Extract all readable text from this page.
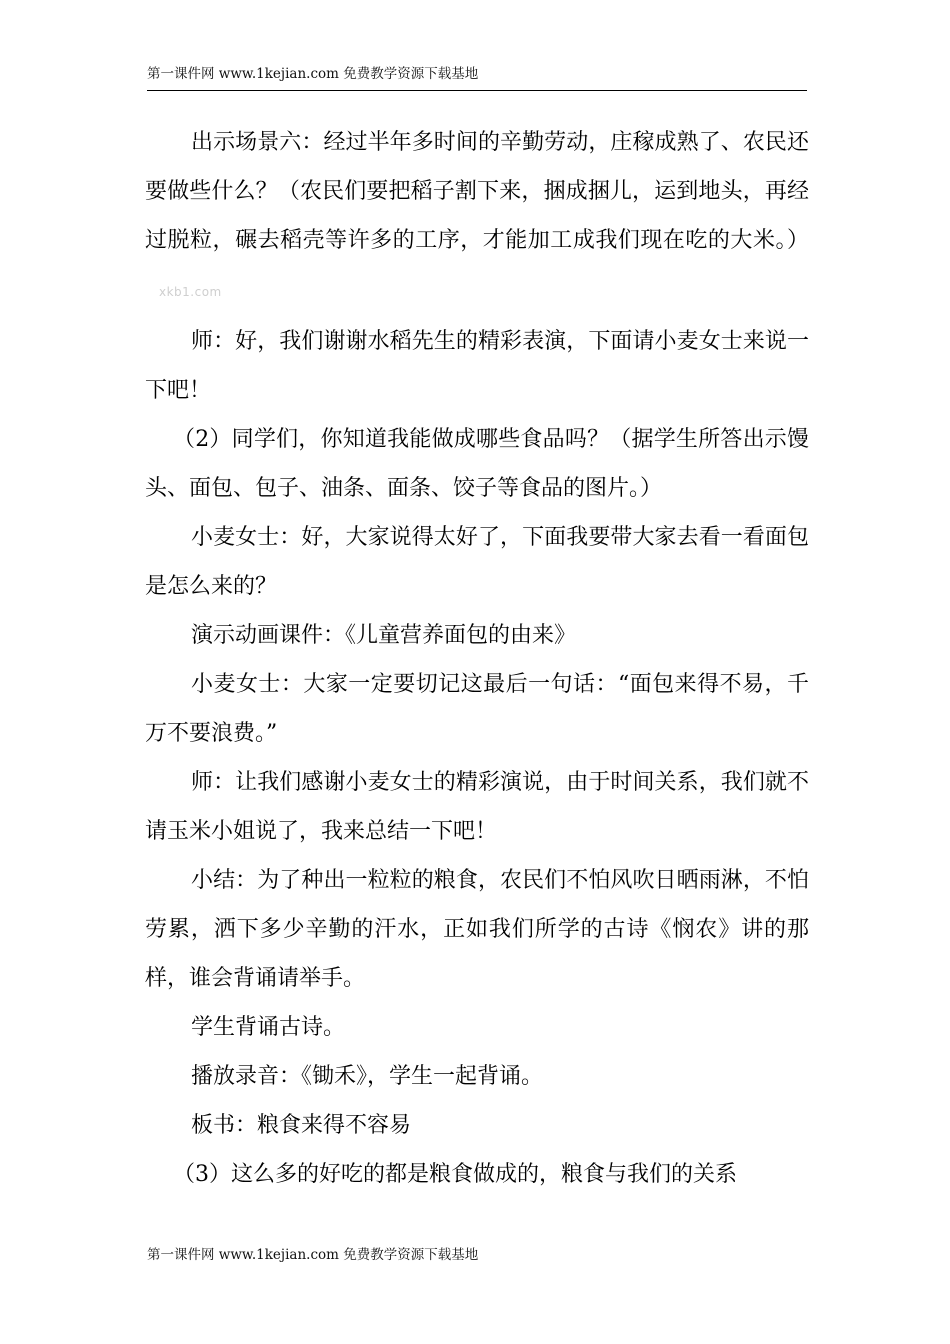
第一课件网 www.1kejian.com 免费教学资源下载基地

出示场景六：经过半年多时间的辛勤劳动，庄稼成熟了、农民还要做些什么？（农民们要把稻子割下来，捆成捆儿，运到地头，再经过脱粒，碾去稻壳等许多的工序，才能加工成我们现在吃的大米。）xkb1.com

师：好，我们谢谢水稻先生的精彩表演，下面请小麦女士来说一下吧！

（2）同学们，你知道我能做成哪些食品吗？（据学生所答出示馒头、面包、包子、油条、面条、饺子等食品的图片。）

小麦女士：好，大家说得太好了，下面我要带大家去看一看面包是怎么来的？

演示动画课件：《儿童营养面包的由来》

小麦女士：大家一定要切记这最后一句话：“面包来得不易，千万不要浪费。”

师：让我们感谢小麦女士的精彩演说，由于时间关系，我们就不请玉米小姐说了，我来总结一下吧！

小结：为了种出一粒粒的粮食，农民们不怕风吹日晒雨淋，不怕劳累，洒下多少辛勤的汗水，正如我们所学的古诗《悯农》讲的那样，谁会背诵请举手。

学生背诵古诗。

播放录音：《锄禾》，学生一起背诵。

板书：粮食来得不容易

（3）这么多的好吃的都是粮食做成的，粮食与我们的关系

第一课件网 www.1kejian.com 免费教学资源下载基地
